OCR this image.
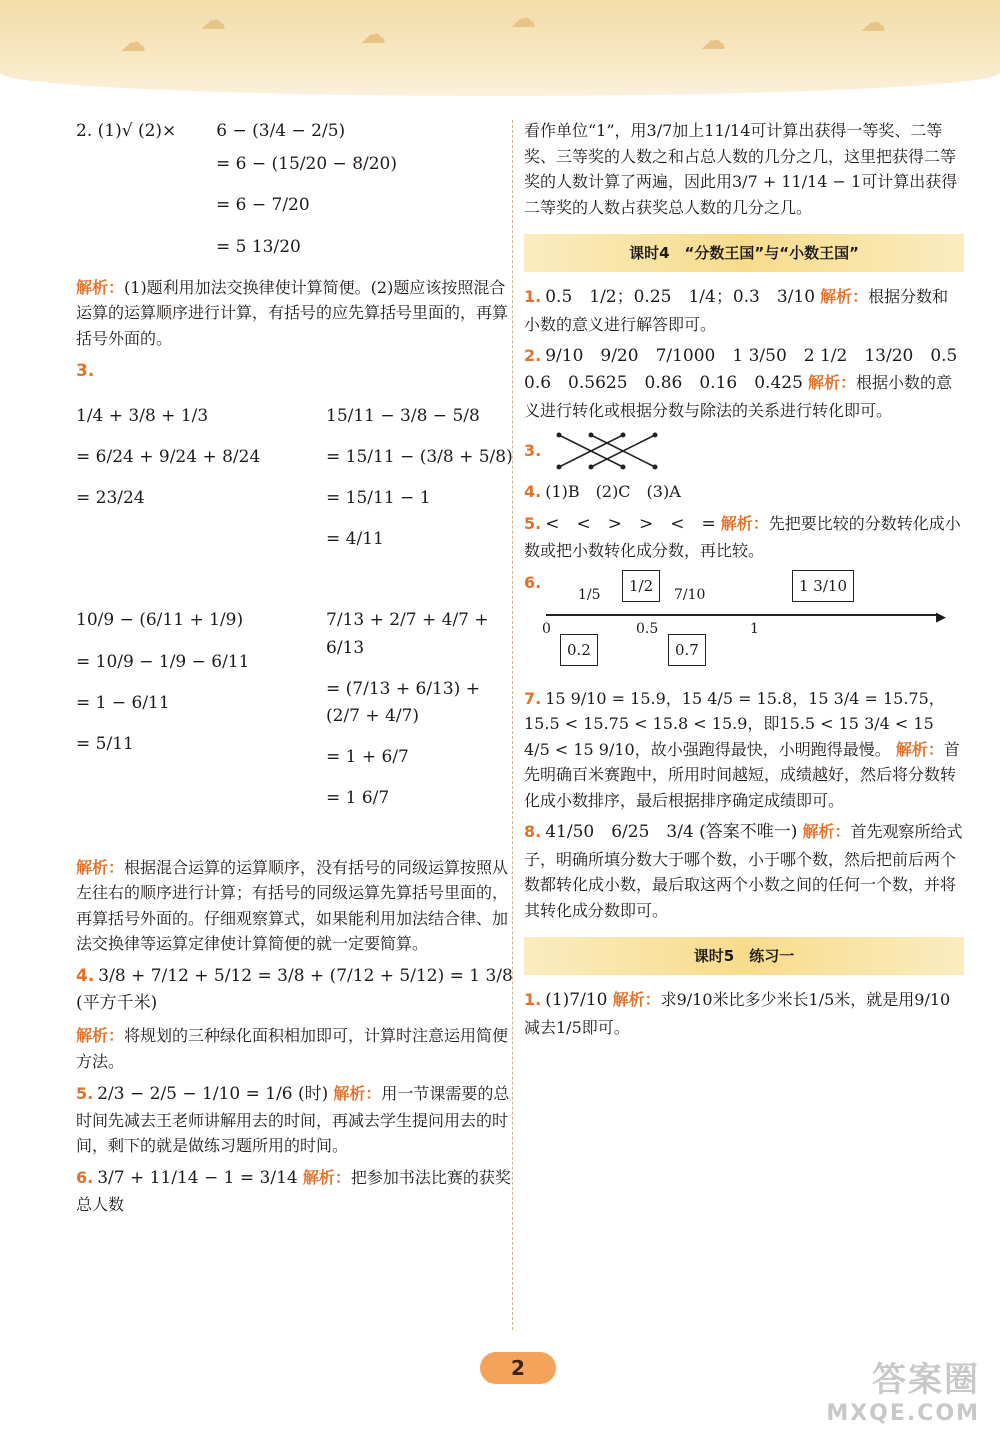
☁
☁	☁
☁
☁
☁
2. (1)√ (2)× 6 − (3/4 − 2/5)
= 6 − (15/20 − 8/20)
= 6 − 7/20
= 5 13/20

解析：(1)题利用加法交换律使计算简便。(2)题应该按照混合运算的运算顺序进行计算，有括号的应先算括号里面的，再算括号外面的。

3.
1/4 + 3/8 + 1/3
= 6/24 + 9/24 + 8/24
= 23/24
15/11 − 3/8 − 5/8
= 15/11 − (3/8 + 5/8)
= 15/11 − 1
= 4/11
10/9 − (6/11 + 1/9)
= 10/9 − 1/9 − 6/11
= 1 − 6/11
= 5/11
7/13 + 2/7 + 4/7 + 6/13
= (7/13 + 6/13) + (2/7 + 4/7)
= 1 + 6/7
= 1 6/7

解析：根据混合运算的运算顺序，没有括号的同级运算按照从左往右的顺序进行计算；有括号的同级运算先算括号里面的，再算括号外面的。仔细观察算式，如果能利用加法结合律、加法交换律等运算定律使计算简便的就一定要简算。

4. 3/8 + 7/12 + 5/12 = 3/8 + (7/12 + 5/12) = 1 3/8 (平方千米)

解析：将规划的三种绿化面积相加即可，计算时注意运用简便方法。

5. 2/3 − 2/5 − 1/10 = 1/6 (时) 解析：用一节课需要的总时间先减去王老师讲解用去的时间，再减去学生提问用去的时间，剩下的就是做练习题所用的时间。

6. 3/7 + 11/14 − 1 = 3/14 解析：把参加书法比赛的获奖总人数

看作单位“1”，用3/7加上11/14可计算出获得一等奖、二等奖、三等奖的人数之和占总人数的几分之几，这里把获得二等奖的人数计算了两遍，因此用3/7 + 11/14 − 1可计算出获得二等奖的人数占获奖总人数的几分之几。

课时4　“分数王国”与“小数王国”

1. 0.5　1/2；0.25　1/4；0.3　3/10 解析：根据分数和小数的意义进行解答即可。

2. 9/10　9/20　7/1000　1 3/50　2 1/2　13/20　0.5　0.6　0.5625　0.86　0.16　0.425 解析：根据小数的意义进行转化或根据分数与除法的关系进行转化即可。

3.

4. (1)B　(2)C　(3)A

5. <　<　>　>　<　= 解析：先把要比较的分数转化成小数或把小数转化成分数，再比较。

6.
▶
0	0.5	1
1/5	1/2	7/10	1 3/10
0.2	0.7

7. 15 9/10 = 15.9，15 4/5 = 15.8，15 3/4 = 15.75，15.5 < 15.75 < 15.8 < 15.9，即15.5 < 15 3/4 < 15 4/5 < 15 9/10，故小强跑得最快，小明跑得最慢。 解析：首先明确百米赛跑中，所用时间越短，成绩越好，然后将分数转化成小数排序，最后根据排序确定成绩即可。

8. 41/50　6/25　3/4 (答案不唯一) 解析：首先观察所给式子，明确所填分数大于哪个数，小于哪个数，然后把前后两个数都转化成小数，最后取这两个小数之间的任何一个数，并将其转化成分数即可。

课时5　练习一

1. (1)7/10 解析：求9/10米比多少米长1/5米，就是用9/10减去1/5即可。

2	答案圈
MXQE.COM
